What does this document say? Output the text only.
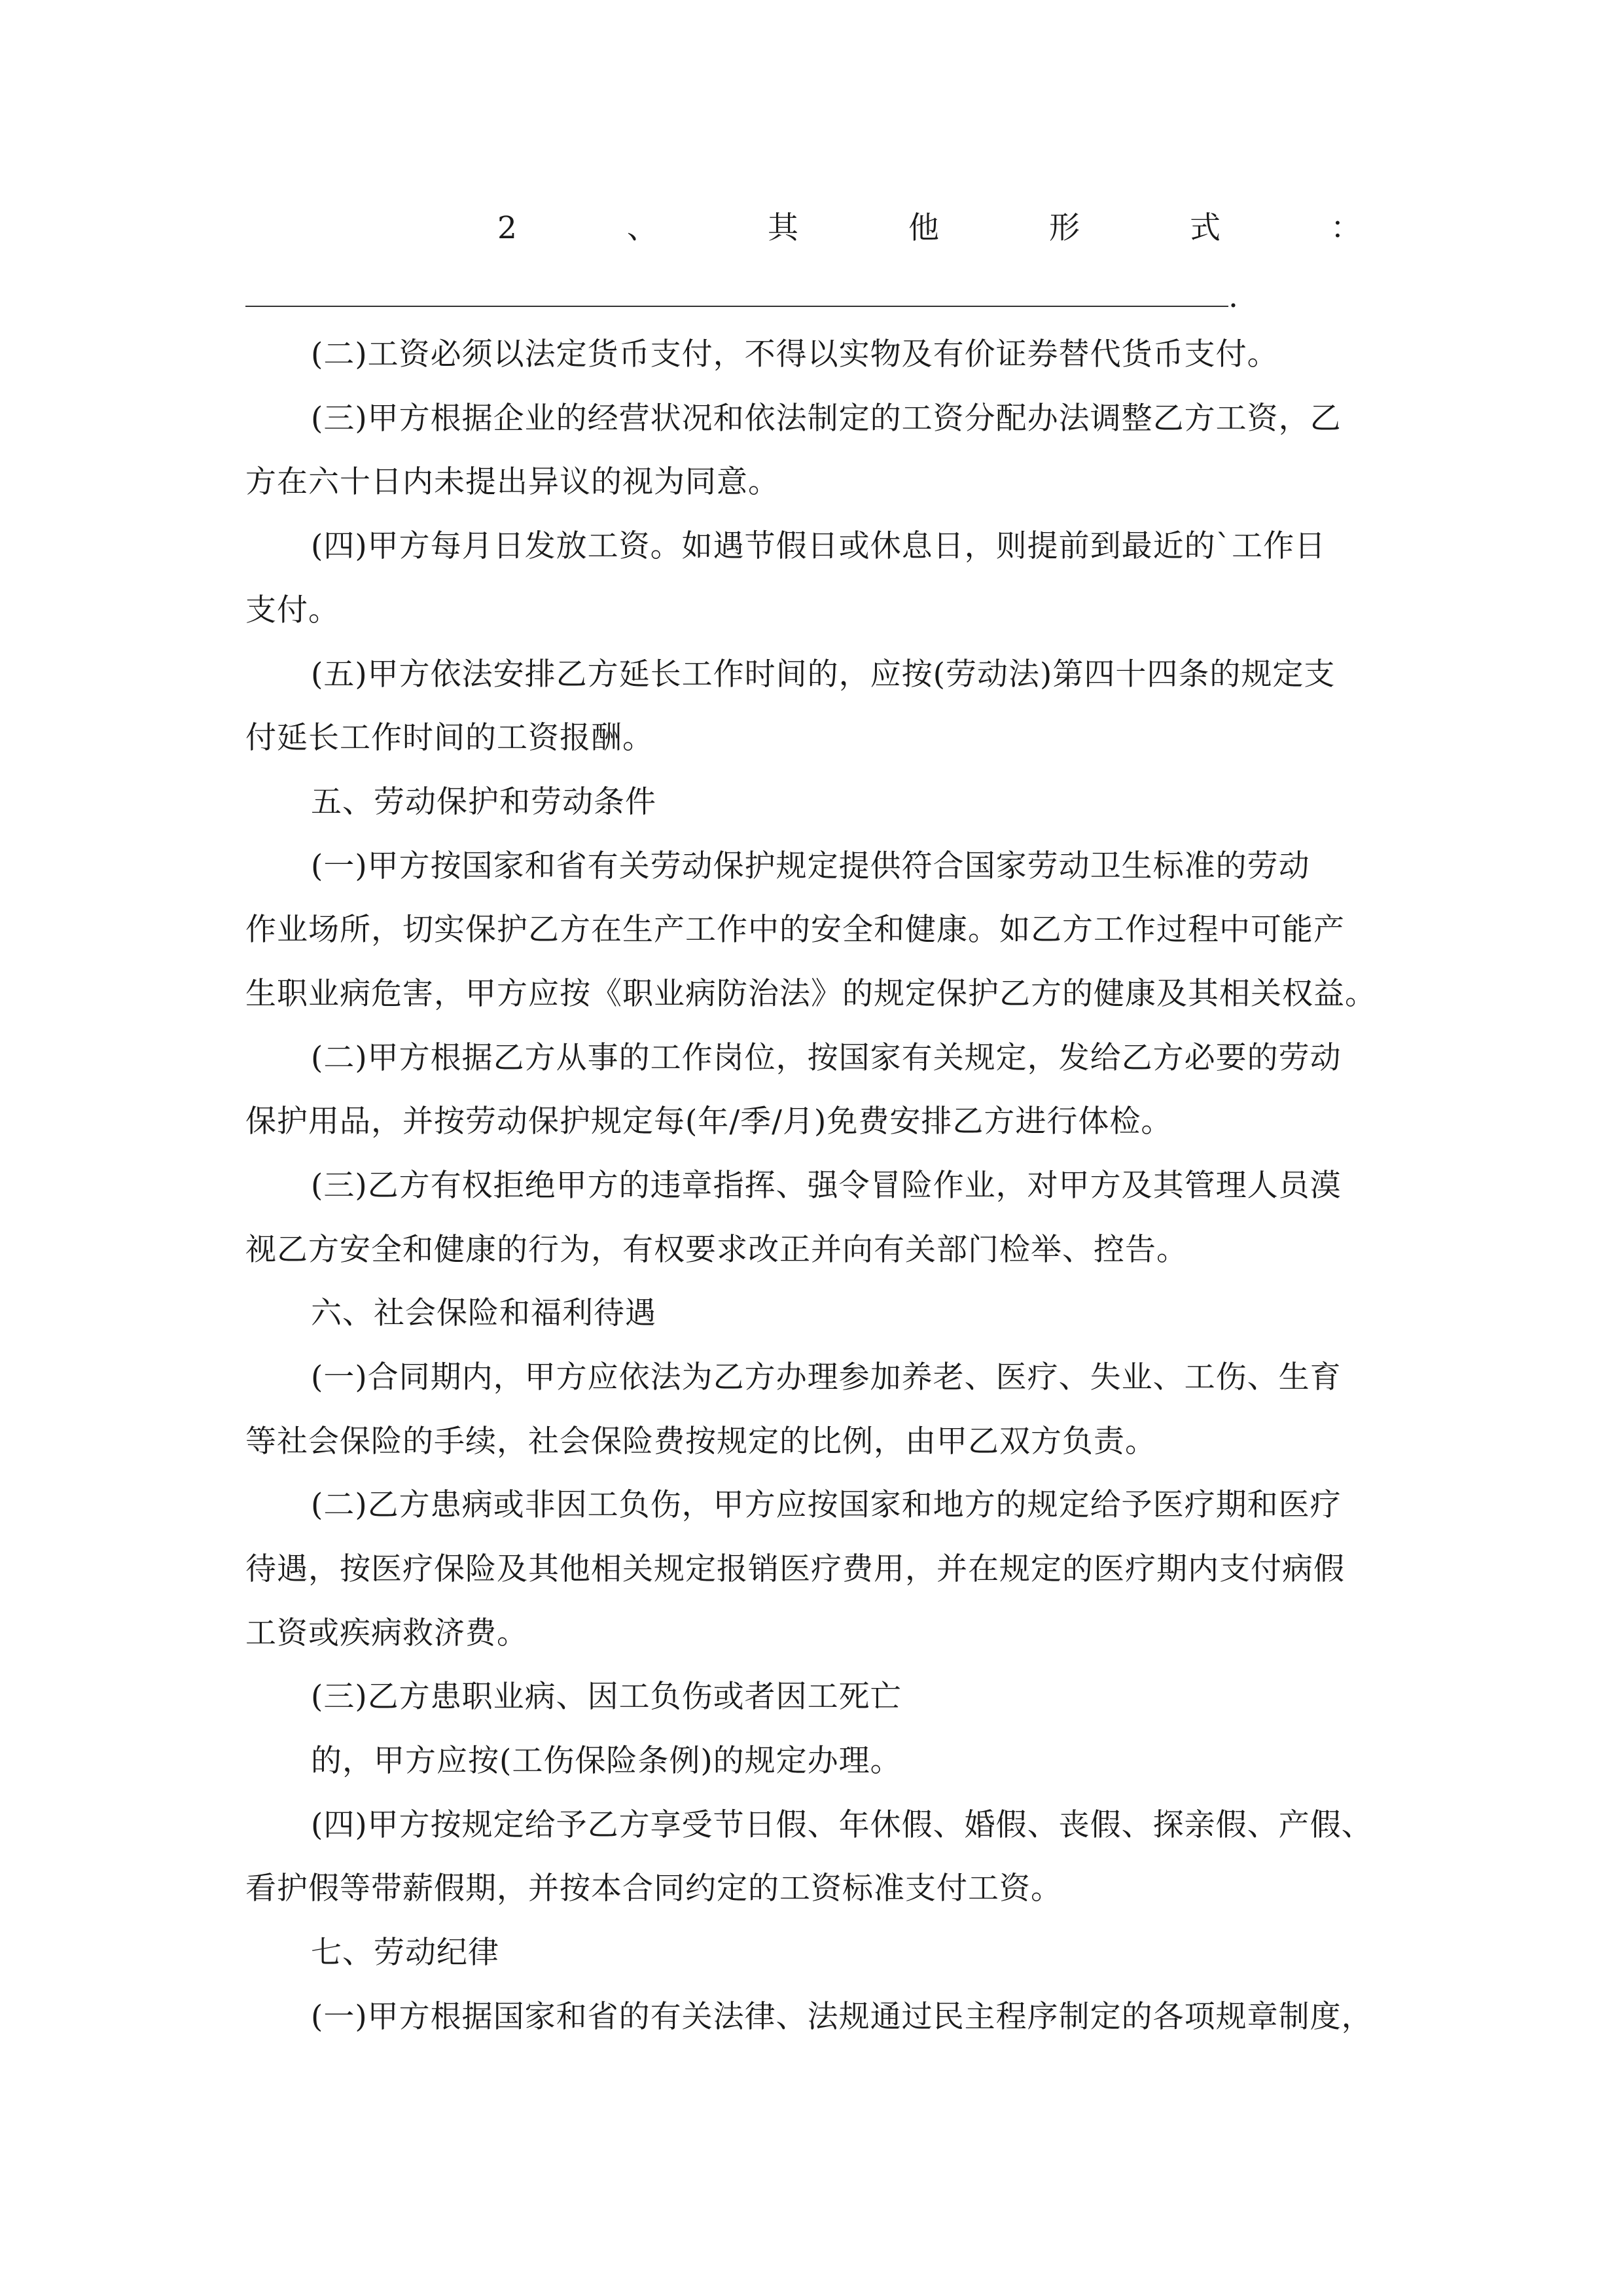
2	、	其	他	形	式	：
.
(二)工资必须以法定货币支付，不得以实物及有价证券替代货币支付。
(三)甲方根据企业的经营状况和依法制定的工资分配办法调整乙方工资，乙
方在六十日内未提出异议的视为同意。
(四)甲方每月日发放工资。如遇节假日或休息日，则提前到最近的`工作日
支付。
(五)甲方依法安排乙方延长工作时间的，应按(劳动法)第四十四条的规定支
付延长工作时间的工资报酬。
五、劳动保护和劳动条件
(一)甲方按国家和省有关劳动保护规定提供符合国家劳动卫生标准的劳动
作业场所，切实保护乙方在生产工作中的安全和健康。如乙方工作过程中可能产
生职业病危害，甲方应按《职业病防治法》的规定保护乙方的健康及其相关权益。
(二)甲方根据乙方从事的工作岗位，按国家有关规定，发给乙方必要的劳动
保护用品，并按劳动保护规定每(年/季/月)免费安排乙方进行体检。
(三)乙方有权拒绝甲方的违章指挥、强令冒险作业，对甲方及其管理人员漠
视乙方安全和健康的行为，有权要求改正并向有关部门检举、控告。
六、社会保险和福利待遇
(一)合同期内，甲方应依法为乙方办理参加养老、医疗、失业、工伤、生育
等社会保险的手续，社会保险费按规定的比例，由甲乙双方负责。
(二)乙方患病或非因工负伤，甲方应按国家和地方的规定给予医疗期和医疗
待遇，按医疗保险及其他相关规定报销医疗费用，并在规定的医疗期内支付病假
工资或疾病救济费。
(三)乙方患职业病、因工负伤或者因工死亡
的，甲方应按(工伤保险条例)的规定办理。
(四)甲方按规定给予乙方享受节日假、年休假、婚假、丧假、探亲假、产假、
看护假等带薪假期，并按本合同约定的工资标准支付工资。
七、劳动纪律
(一)甲方根据国家和省的有关法律、法规通过民主程序制定的各项规章制度，
